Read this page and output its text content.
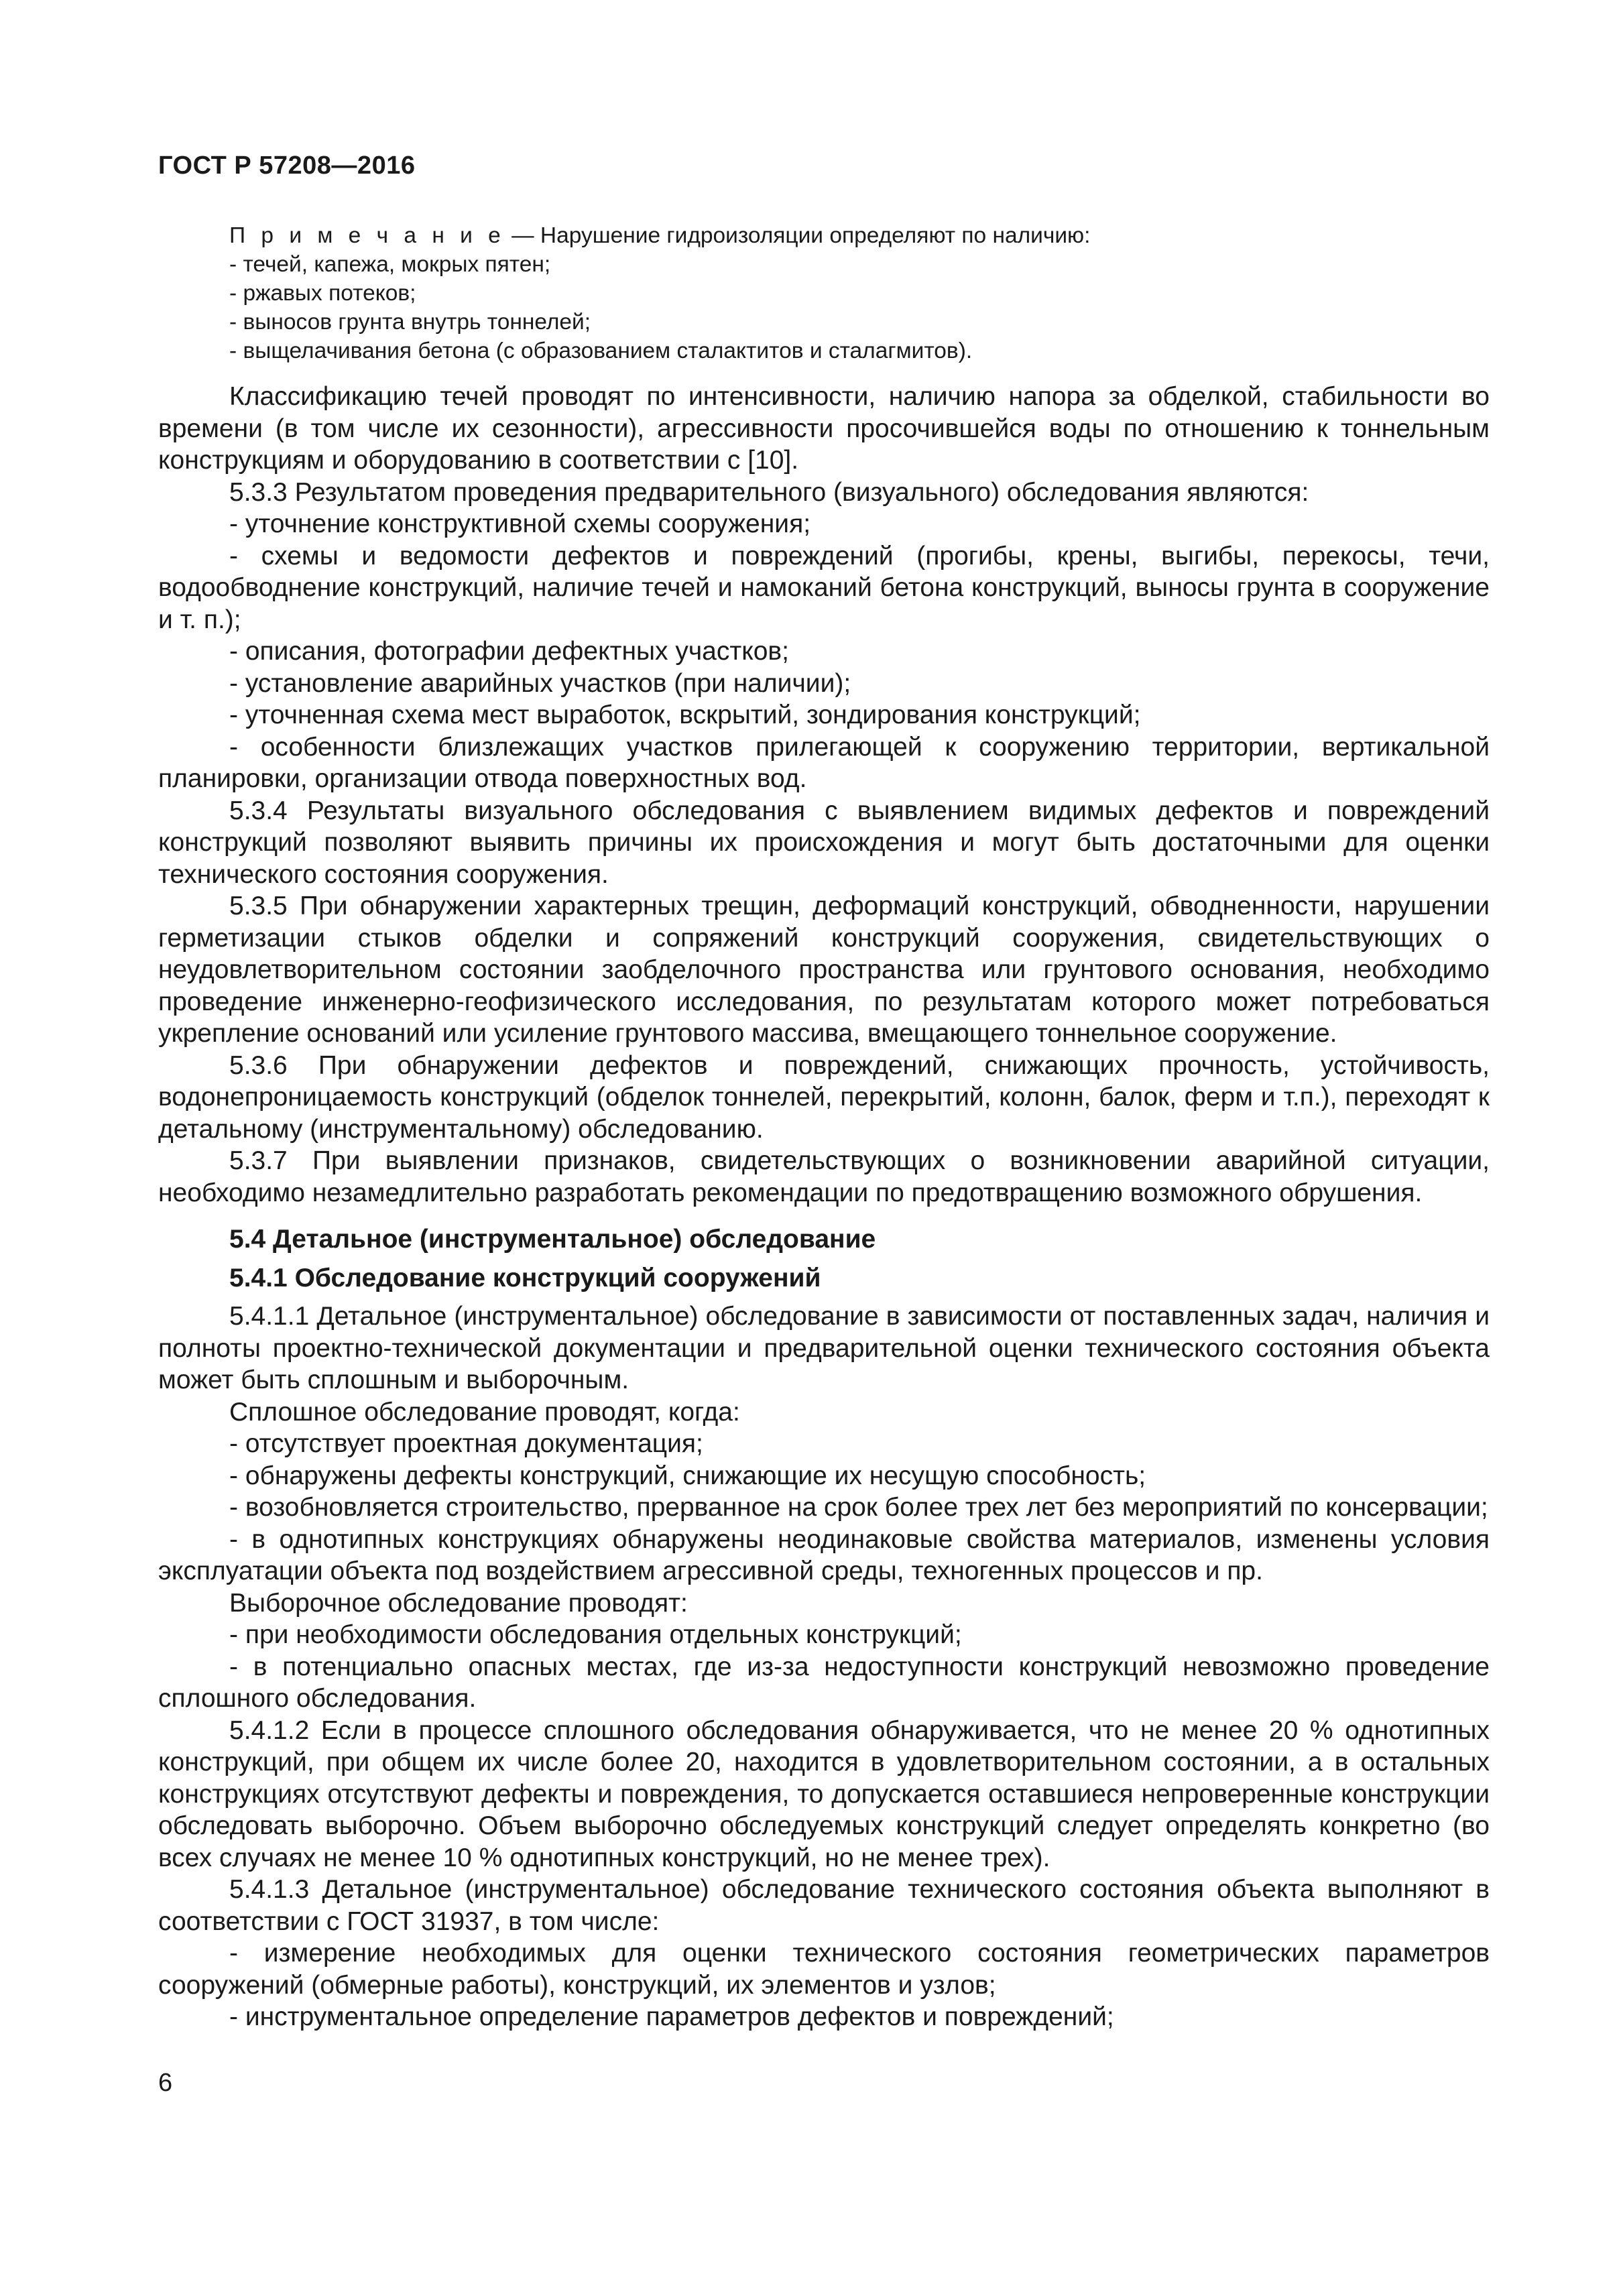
ГОСТ Р 57208—2016
П р и м е ч а н и е — Нарушение гидроизоляции определяют по наличию:
- течей, капежа, мокрых пятен;
- ржавых потеков;
- выносов грунта внутрь тоннелей;
- выщелачивания бетона (с образованием сталактитов и сталагмитов).

Классификацию течей проводят по интенсивности, наличию напора за обделкой, стабильности во времени (в том числе их сезонности), агрессивности просочившейся воды по отношению к тоннельным конструкциям и оборудованию в соответствии с [10].

5.3.3 Результатом проведения предварительного (визуального) обследования являются:

- уточнение конструктивной схемы сооружения;

- схемы и ведомости дефектов и повреждений (прогибы, крены, выгибы, перекосы, течи, водообводнение конструкций, наличие течей и намоканий бетона конструкций, выносы грунта в сооружение и т. п.);

- описания, фотографии дефектных участков;

- установление аварийных участков (при наличии);

- уточненная схема мест выработок, вскрытий, зондирования конструкций;

- особенности близлежащих участков прилегающей к сооружению территории, вертикальной планировки, организации отвода поверхностных вод.

5.3.4 Результаты визуального обследования с выявлением видимых дефектов и повреждений конструкций позволяют выявить причины их происхождения и могут быть достаточными для оценки технического состояния сооружения.

5.3.5 При обнаружении характерных трещин, деформаций конструкций, обводненности, нарушении герметизации стыков обделки и сопряжений конструкций сооружения, свидетельствующих о неудовлетворительном состоянии заобделочного пространства или грунтового основания, необходимо проведение инженерно-геофизического исследования, по результатам которого может потребоваться укрепление оснований или усиление грунтового массива, вмещающего тоннельное сооружение.

5.3.6 При обнаружении дефектов и повреждений, снижающих прочность, устойчивость, водонепроницаемость конструкций (обделок тоннелей, перекрытий, колонн, балок, ферм и т.п.), переходят к детальному (инструментальному) обследованию.

5.3.7 При выявлении признаков, свидетельствующих о возникновении аварийной ситуации, необходимо незамедлительно разработать рекомендации по предотвращению возможного обрушения.

5.4 Детальное (инструментальное) обследование

5.4.1 Обследование конструкций сооружений

5.4.1.1 Детальное (инструментальное) обследование в зависимости от поставленных задач, наличия и полноты проектно-технической документации и предварительной оценки технического состояния объекта может быть сплошным и выборочным.

Сплошное обследование проводят, когда:

- отсутствует проектная документация;

- обнаружены дефекты конструкций, снижающие их несущую способность;

- возобновляется строительство, прерванное на срок более трех лет без мероприятий по консервации;

- в однотипных конструкциях обнаружены неодинаковые свойства материалов, изменены условия эксплуатации объекта под воздействием агрессивной среды, техногенных процессов и пр.

Выборочное обследование проводят:

- при необходимости обследования отдельных конструкций;

- в потенциально опасных местах, где из-за недоступности конструкций невозможно проведение сплошного обследования.

5.4.1.2 Если в процессе сплошного обследования обнаруживается, что не менее 20 % однотипных конструкций, при общем их числе более 20, находится в удовлетворительном состоянии, а в остальных конструкциях отсутствуют дефекты и повреждения, то допускается оставшиеся непроверенные конструкции обследовать выборочно. Объем выборочно обследуемых конструкций следует определять конкретно (во всех случаях не менее 10 % однотипных конструкций, но не менее трех).

5.4.1.3 Детальное (инструментальное) обследование технического состояния объекта выполняют в соответствии с ГОСТ 31937, в том числе:

- измерение необходимых для оценки технического состояния геометрических параметров сооружений (обмерные работы), конструкций, их элементов и узлов;

- инструментальное определение параметров дефектов и повреждений;

6
